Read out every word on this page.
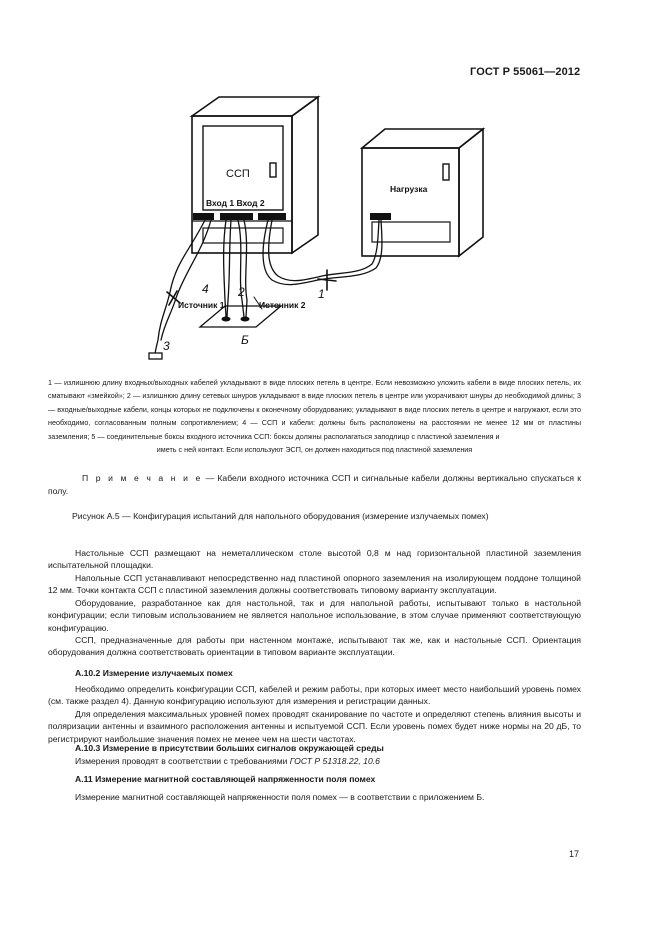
ГОСТ Р 55061—2012
ССП
Вход 1 Вход 2
Нагрузка
Источник 1	Источник 2
1
2
3
4
Б
1 — излишнюю длину входных/выходных кабелей укладывают в виде плоских петель в центре. Если невозможно уложить кабели в виде плоских петель, их сматывают «змейкой»; 2 — излишнюю длину сетевых шнуров укладывают в виде плоских петель в центре или укорачивают шнуры до необходимой длины; 3 — входные/выходные кабели, концы которых не подключены к оконечному оборудованию; укладывают в виде плоских петель в центре и нагружают, если это необходимо, согласованным полным сопротивлением; 4 — ССП и кабели: должны быть расположены на расстоянии не менее 12 мм от пластины заземления; 5 — соединительные боксы входного источника ССП: боксы должны располагаться заподлицо с пластиной заземления и
иметь с ней контакт. Если используют ЭСП, он должен находиться под пластиной заземления
П р и м е ч а н и е — Кабели входного источника ССП и сигнальные кабели должны вертикально спускаться к полу.
Рисунок А.5 — Конфигурация испытаний для напольного оборудования (измерение излучаемых помех)
Настольные ССП размещают на неметаллическом столе высотой 0,8 м над горизонтальной пластиной заземления испытательной площадки.
Напольные ССП устанавливают непосредственно над пластиной опорного заземления на изолирующем поддоне толщиной 12 мм. Точки контакта ССП с пластиной заземления должны соответствовать типовому варианту эксплуатации.
Оборудование, разработанное как для настольной, так и для напольной работы, испытывают только в настольной конфигурации; если типовым использованием не является напольное использование, в этом случае применяют соответствующую конфигурацию.
ССП, предназначенные для работы при настенном монтаже, испытывают так же, как и настольные ССП. Ориентация оборудования должна соответствовать ориентации в типовом варианте эксплуатации.
А.10.2 Измерение излучаемых помех
Необходимо определить конфигурации ССП, кабелей и режим работы, при которых имеет место наибольший уровень помех (см. также раздел 4). Данную конфигурацию используют для измерения и регистрации данных.
Для определения максимальных уровней помех проводят сканирование по частоте и определяют степень влияния высоты и поляризации антенны и взаимного расположения антенны и испытуемой ССП. Если уровень помех будет ниже нормы на 20 дБ, то регистрируют наибольшие значения помех не менее чем на шести частотах.
А.10.3 Измерение в присутствии больших сигналов окружающей среды
Измерения проводят в соответствии с требованиями ГОСТ Р 51318.22, 10.6
А.11 Измерение магнитной составляющей напряженности поля помех
Измерение магнитной составляющей напряженности поля помех — в соответствии с приложением Б.
17
